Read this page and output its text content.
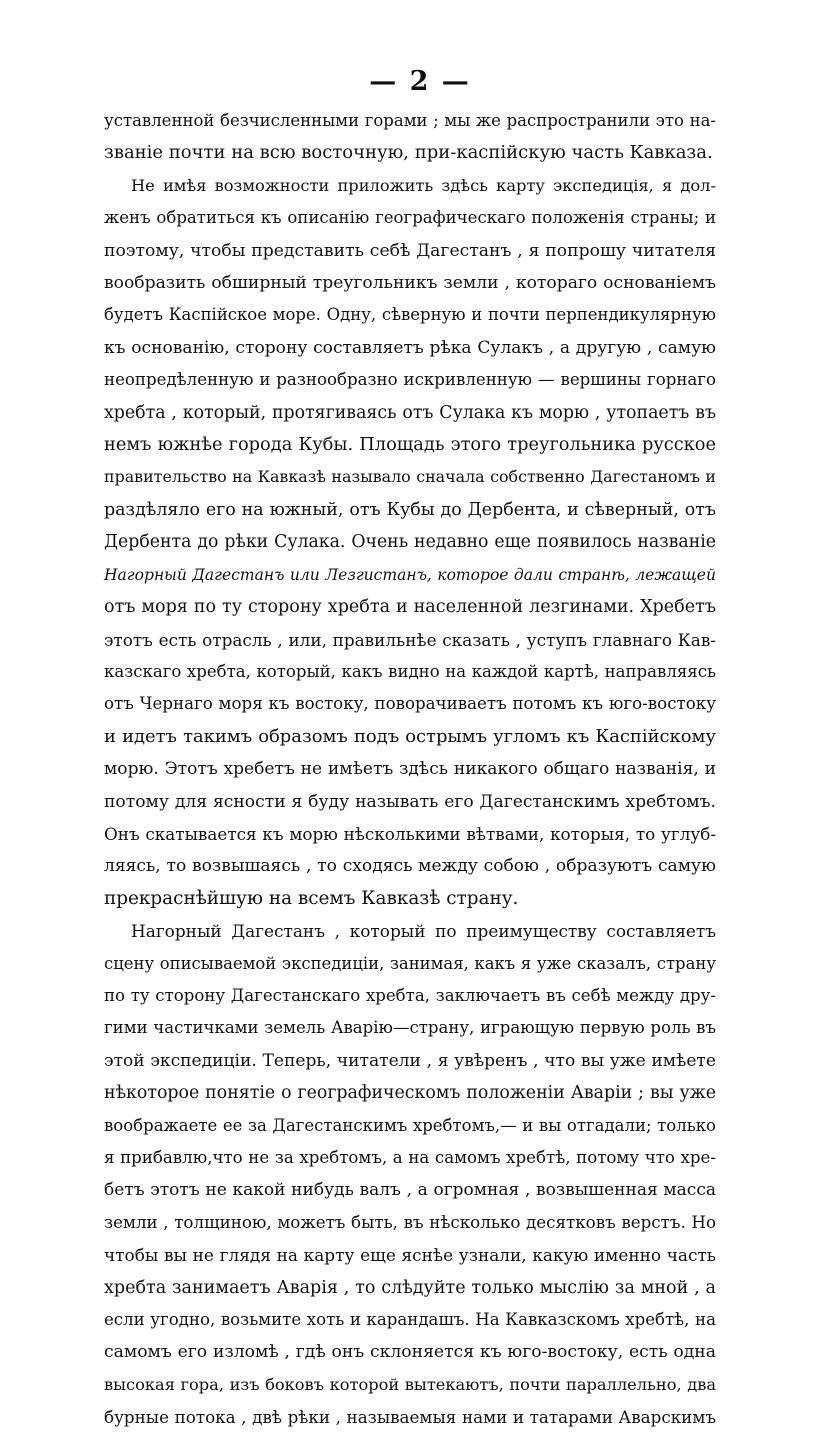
— 2 —

уставленной безчисленными горами ; мы же распространили это на-
званіе почти на всю восточную, при-каспійскую часть Кавказа.

Не имѣя возможности приложить здѣсь карту экспедиція, я дол-
женъ обратиться къ описанію географическаго положенія страны; и
поэтому, чтобы представить себѣ Дагестанъ , я попрошу читателя
вообразить обширный треугольникъ земли , котораго основаніемъ
будетъ Каспійское море. Одну, сѣверную и почти перпендикулярную
къ основанію, сторону составляетъ рѣка Сулакъ , а другую , самую
неопредѣленную и разнообразно искривленную — вершины горнаго
хребта , который, протягиваясь отъ Сулака къ морю , утопаетъ въ
немъ южнѣе города Кубы. Площадь этого треугольника русское
правительство на Кавказѣ называло сначала собственно Дагестаномъ и
раздѣляло его на южный, отъ Кубы до Дербента, и сѣверный, отъ
Дербента до рѣки Сулака. Очень недавно еще появилось названіе
Нагорный Дагестанъ или Лезгистанъ, которое дали странѣ, лежащей
отъ моря по ту сторону хребта и населенной лезгинами. Хребетъ
этотъ есть отрасль , или, правильнѣе сказать , уступъ главнаго Кав-
казскаго хребта, который, какъ видно на каждой картѣ, направляясь
отъ Чернаго моря къ востоку, поворачиваетъ потомъ къ юго-востоку
и идетъ такимъ образомъ подъ острымъ угломъ къ Каспійскому
морю. Этотъ хребетъ не имѣетъ здѣсь никакого общаго названія, и
потому для ясности я буду называть его Дагестанскимъ хребтомъ.
Онъ скатывается къ морю нѣсколькими вѣтвами, которыя, то углуб-
ляясь, то возвышаясь , то сходясь между собою , образуютъ самую
прекраснѣйшую на всемъ Кавказѣ страну.

Нагорный Дагестанъ , который по преимуществу составляетъ
сцену описываемой экспедиціи, занимая, какъ я уже сказалъ, страну
по ту сторону Дагестанскаго хребта, заключаетъ въ себѣ между дру-
гими частичками земель Аварію—страну, играющую первую роль въ
этой экспедиціи. Теперь, читатели , я увѣренъ , что вы уже имѣете
нѣкоторое понятіе о географическомъ положеніи Аваріи ; вы уже
воображаете ее за Дагестанскимъ хребтомъ,— и вы отгадали; только
я прибавлю,что не за хребтомъ, а на самомъ хребтѣ, потому что хре-
бетъ этотъ не какой нибудь валъ , а огромная , возвышенная масса
земли , толщиною, можетъ быть, въ нѣсколько десятковъ верстъ. Но
чтобы вы не глядя на карту еще яснѣе узнали, какую именно часть
хребта занимаетъ Аварія , то слѣдуйте только мыслію за мной , а
если угодно, возьмите хоть и карандашъ. На Кавказскомъ хребтѣ, на
самомъ его изломѣ , гдѣ онъ склоняется къ юго-востоку, есть одна
высокая гора, изъ боковъ которой вытекаютъ, почти параллельно, два
бурные потока , двѣ рѣки , называемыя нами и татарами Аварскимъ
